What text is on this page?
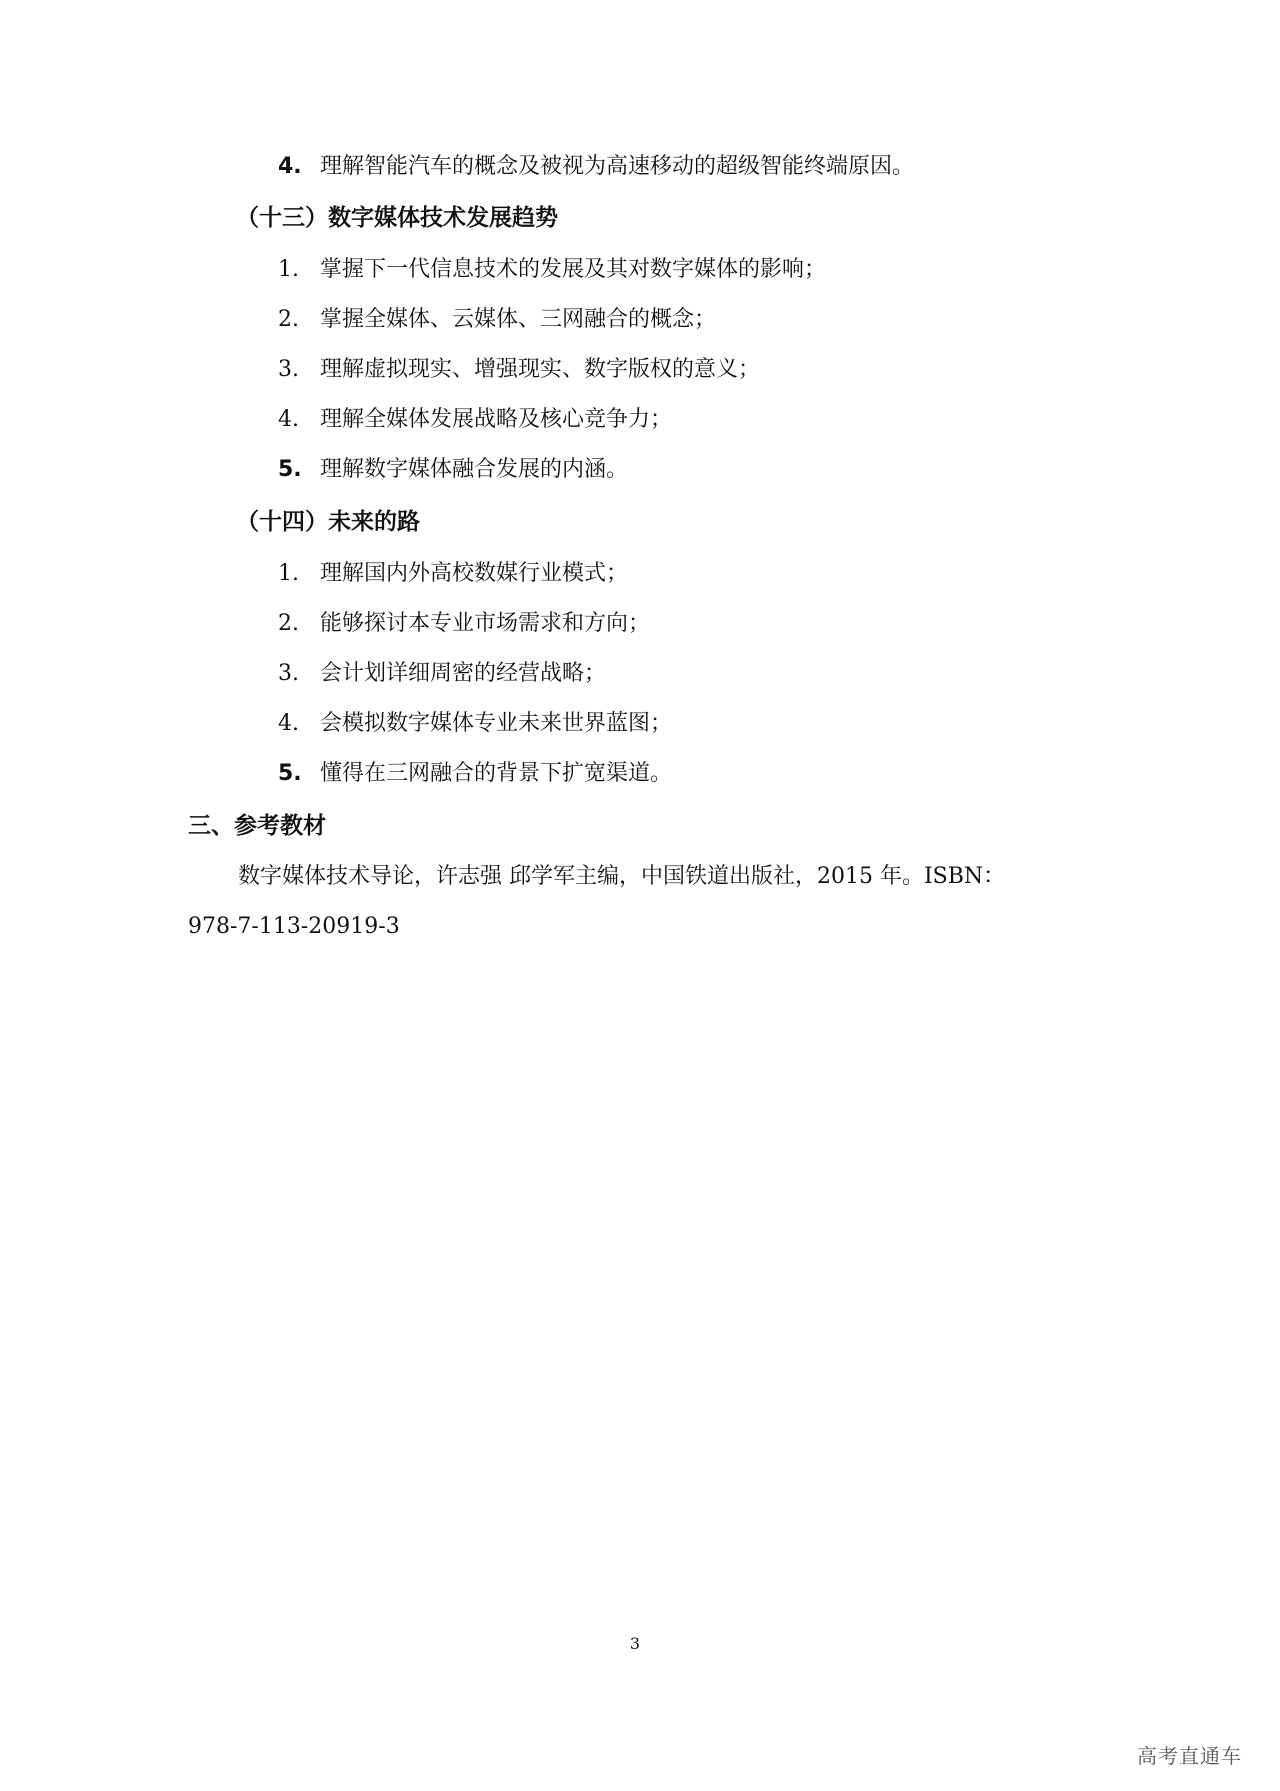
4. 理解智能汽车的概念及被视为高速移动的超级智能终端原因。
（十三）数字媒体技术发展趋势
1. 掌握下一代信息技术的发展及其对数字媒体的影响；
2. 掌握全媒体、云媒体、三网融合的概念；
3. 理解虚拟现实、增强现实、数字版权的意义；
4. 理解全媒体发展战略及核心竞争力；
5. 理解数字媒体融合发展的内涵。
（十四）未来的路
1. 理解国内外高校数媒行业模式；
2. 能够探讨本专业市场需求和方向；
3. 会计划详细周密的经营战略；
4. 会模拟数字媒体专业未来世界蓝图；
5. 懂得在三网融合的背景下扩宽渠道。
三、参考教材
数字媒体技术导论，许志强 邱学军主编，中国铁道出版社，2015 年。ISBN：
978-7-113-20919-3
3
高考直通车
